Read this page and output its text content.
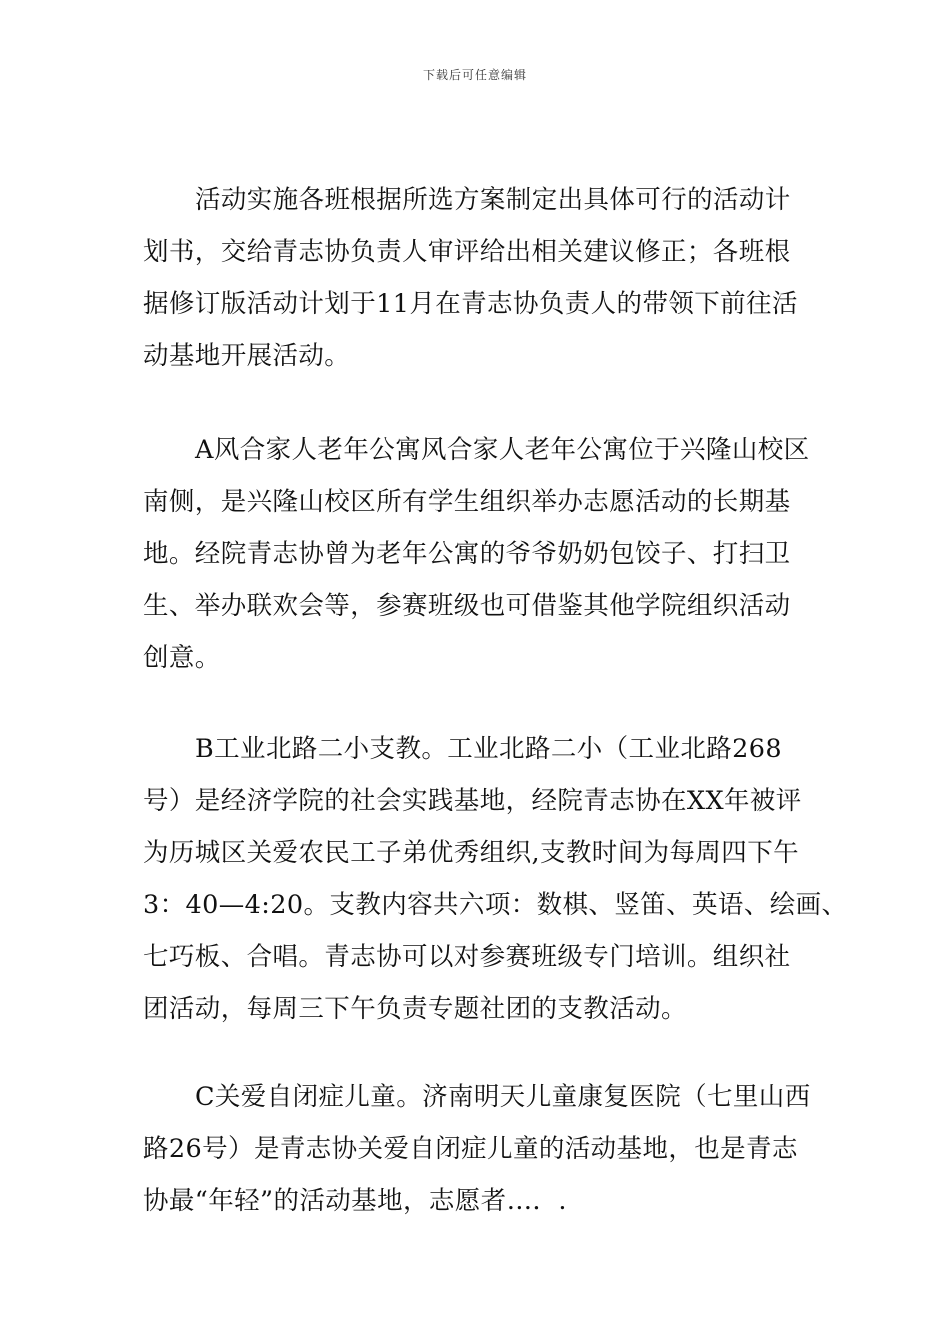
下载后可任意编辑
活动实施各班根据所选方案制定出具体可行的活动计
划书，交给青志协负责人审评给出相关建议修正；各班根
据修订版活动计划于11月在青志协负责人的带领下前往活
动基地开展活动。
A风合家人老年公寓风合家人老年公寓位于兴隆山校区
南侧，是兴隆山校区所有学生组织举办志愿活动的长期基
地。经院青志协曾为老年公寓的爷爷奶奶包饺子、打扫卫
生、举办联欢会等，参赛班级也可借鉴其他学院组织活动
创意。
B工业北路二小支教。工业北路二小（工业北路268
号）是经济学院的社会实践基地，经院青志协在XX年被评
为历城区关爱农民工子弟优秀组织,支教时间为每周四下午
3：40—4:20。支教内容共六项：数棋、竖笛、英语、绘画、
七巧板、合唱。青志协可以对参赛班级专门培训。组织社
团活动，每周三下午负责专题社团的支教活动。
C关爱自闭症儿童。济南明天儿童康复医院（七里山西
路26号）是青志协关爱自闭症儿童的活动基地，也是青志
协最“年轻”的活动基地，志愿者…．.
